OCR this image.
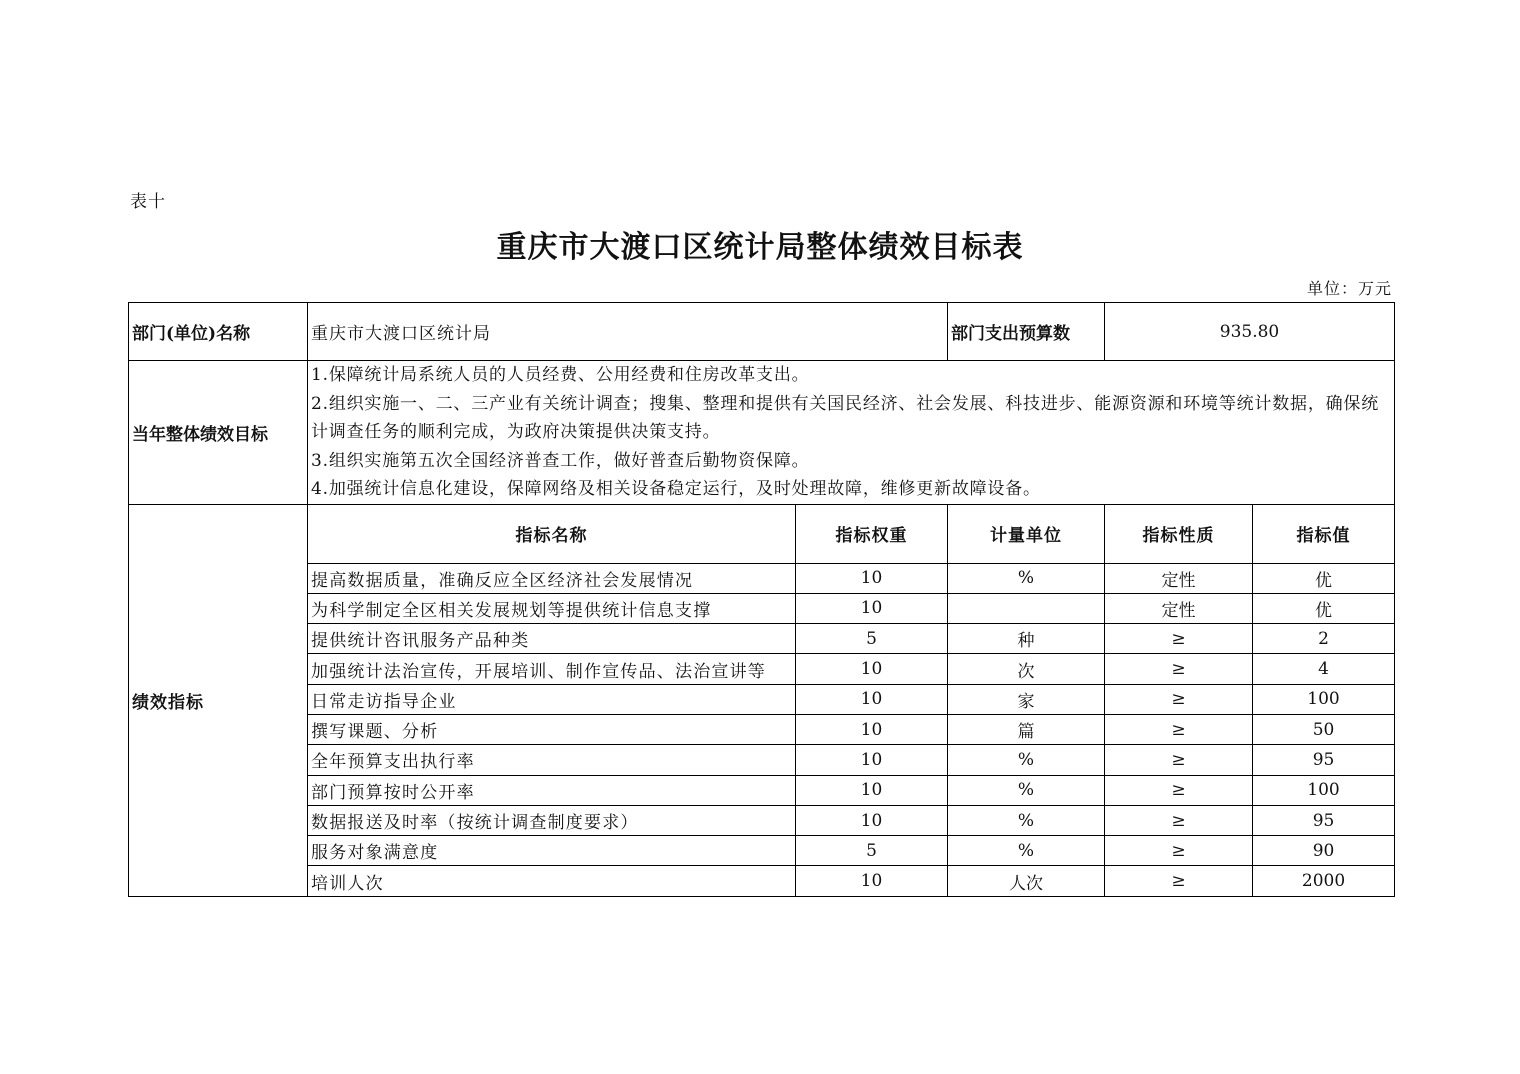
表十
重庆市大渡口区统计局整体绩效目标表
单位：万元
部门(单位)名称	重庆市大渡口区统计局		部门支出预算数	935.80	
当年整体绩效目标	1.保障统计局系统人员的人员经费、公用经费和住房改革支出。
2.组织实施一、二、三产业有关统计调查；搜集、整理和提供有关国民经济、社会发展、科技进步、能源资源和环境等统计数据，确保统
计调查任务的顺利完成，为政府决策提供决策支持。
3.组织实施第五次全国经济普查工作，做好普查后勤物资保障。
4.加强统计信息化建设，保障网络及相关设备稳定运行，及时处理故障，维修更新故障设备。				

绩效指标	指标名称	指标权重	计量单位	指标性质	指标值
	提高数据质量，准确反应全区经济社会发展情况	10	%	定性	优
	为科学制定全区相关发展规划等提供统计信息支撑	10		定性	优
	提供统计咨讯服务产品种类	5	种	≥	2
	加强统计法治宣传，开展培训、制作宣传品、法治宣讲等	10	次	≥	4
	日常走访指导企业	10	家	≥	100
	撰写课题、分析	10	篇	≥	50
	全年预算支出执行率	10	%	≥	95
	部门预算按时公开率	10	%	≥	100
	数据报送及时率（按统计调查制度要求）	10	%	≥	95
	服务对象满意度	5	%	≥	90
	培训人次	10	人次	≥	2000
